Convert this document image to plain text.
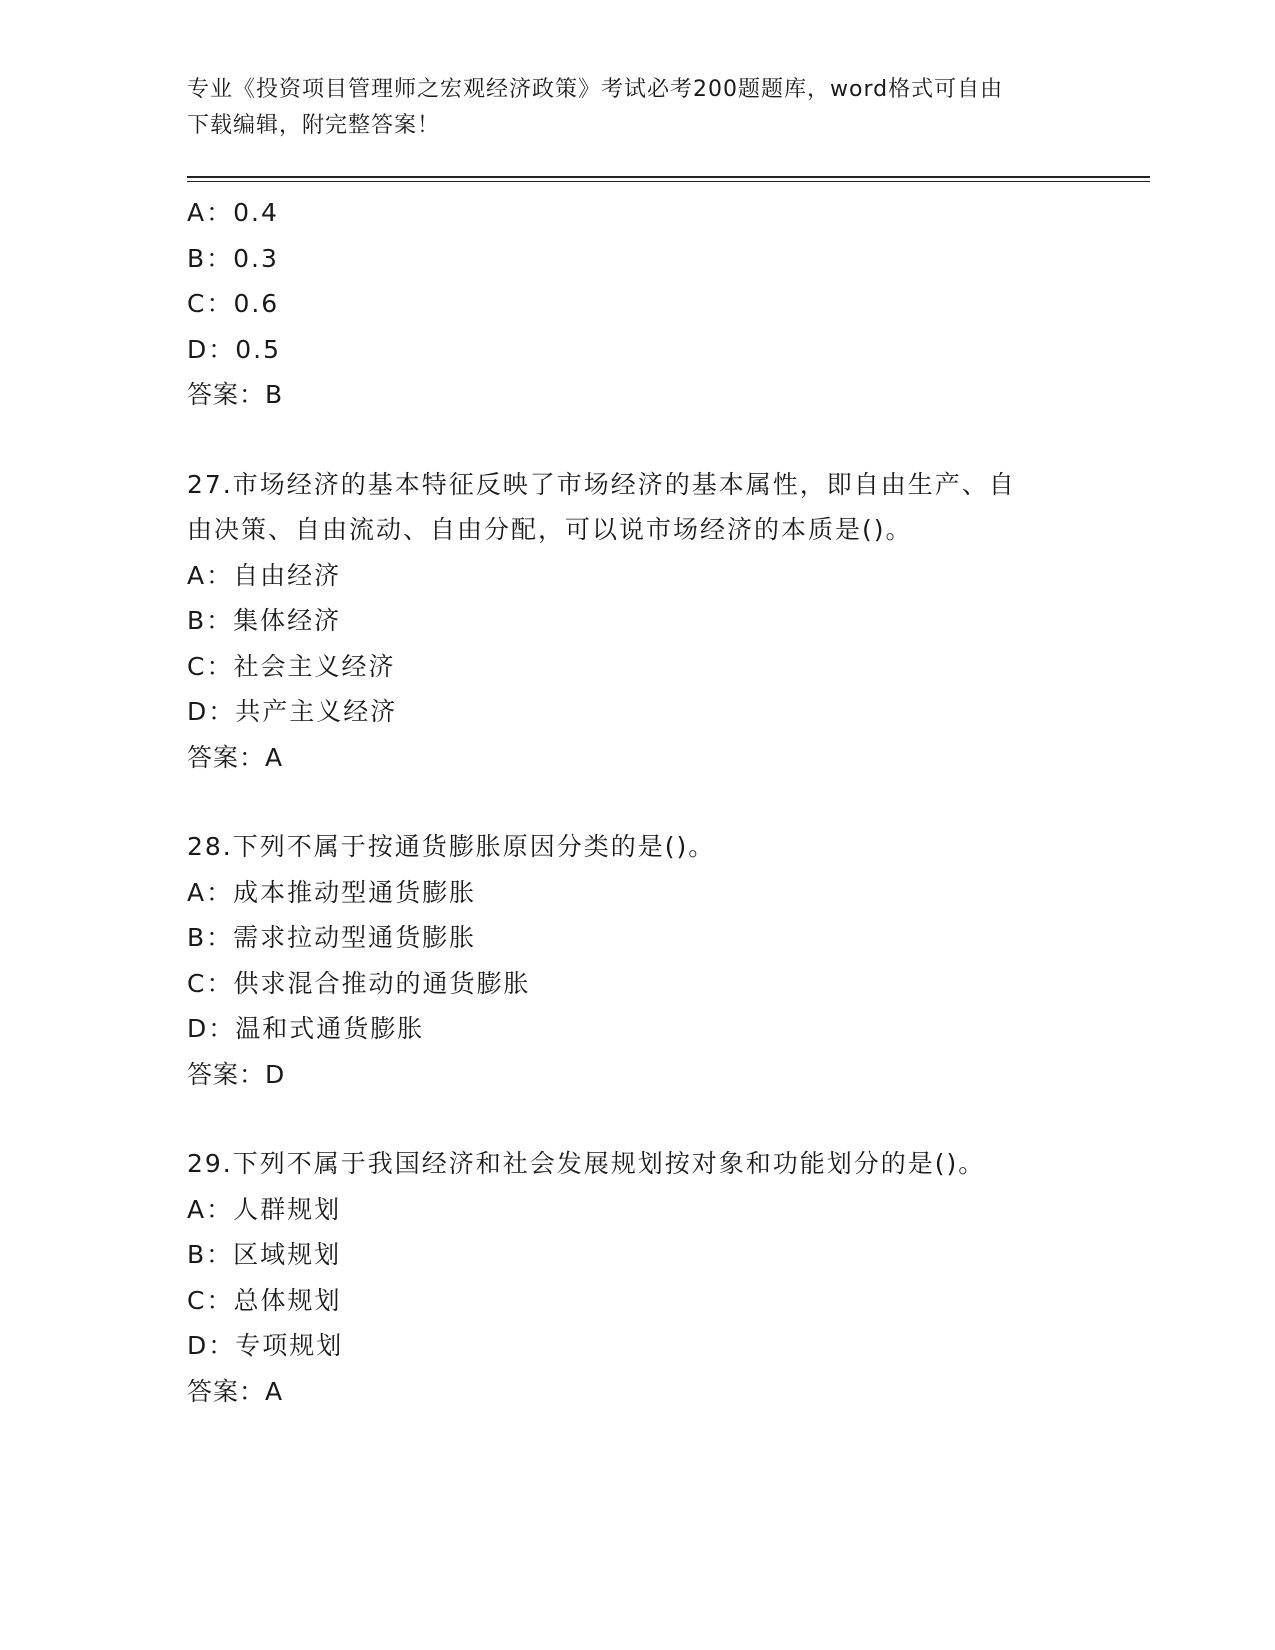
专业《投资项目管理师之宏观经济政策》考试必考200题题库，word格式可自由
下载编辑，附完整答案！
A：0.4
B：0.3
C：0.6
D：0.5
答案：B
27.市场经济的基本特征反映了市场经济的基本属性，即自由生产、自
由决策、自由流动、自由分配，可以说市场经济的本质是()。
A：自由经济
B：集体经济
C：社会主义经济
D：共产主义经济
答案：A
28.下列不属于按通货膨胀原因分类的是()。
A：成本推动型通货膨胀
B：需求拉动型通货膨胀
C：供求混合推动的通货膨胀
D：温和式通货膨胀
答案：D
29.下列不属于我国经济和社会发展规划按对象和功能划分的是()。
A：人群规划
B：区域规划
C：总体规划
D：专项规划
答案：A
